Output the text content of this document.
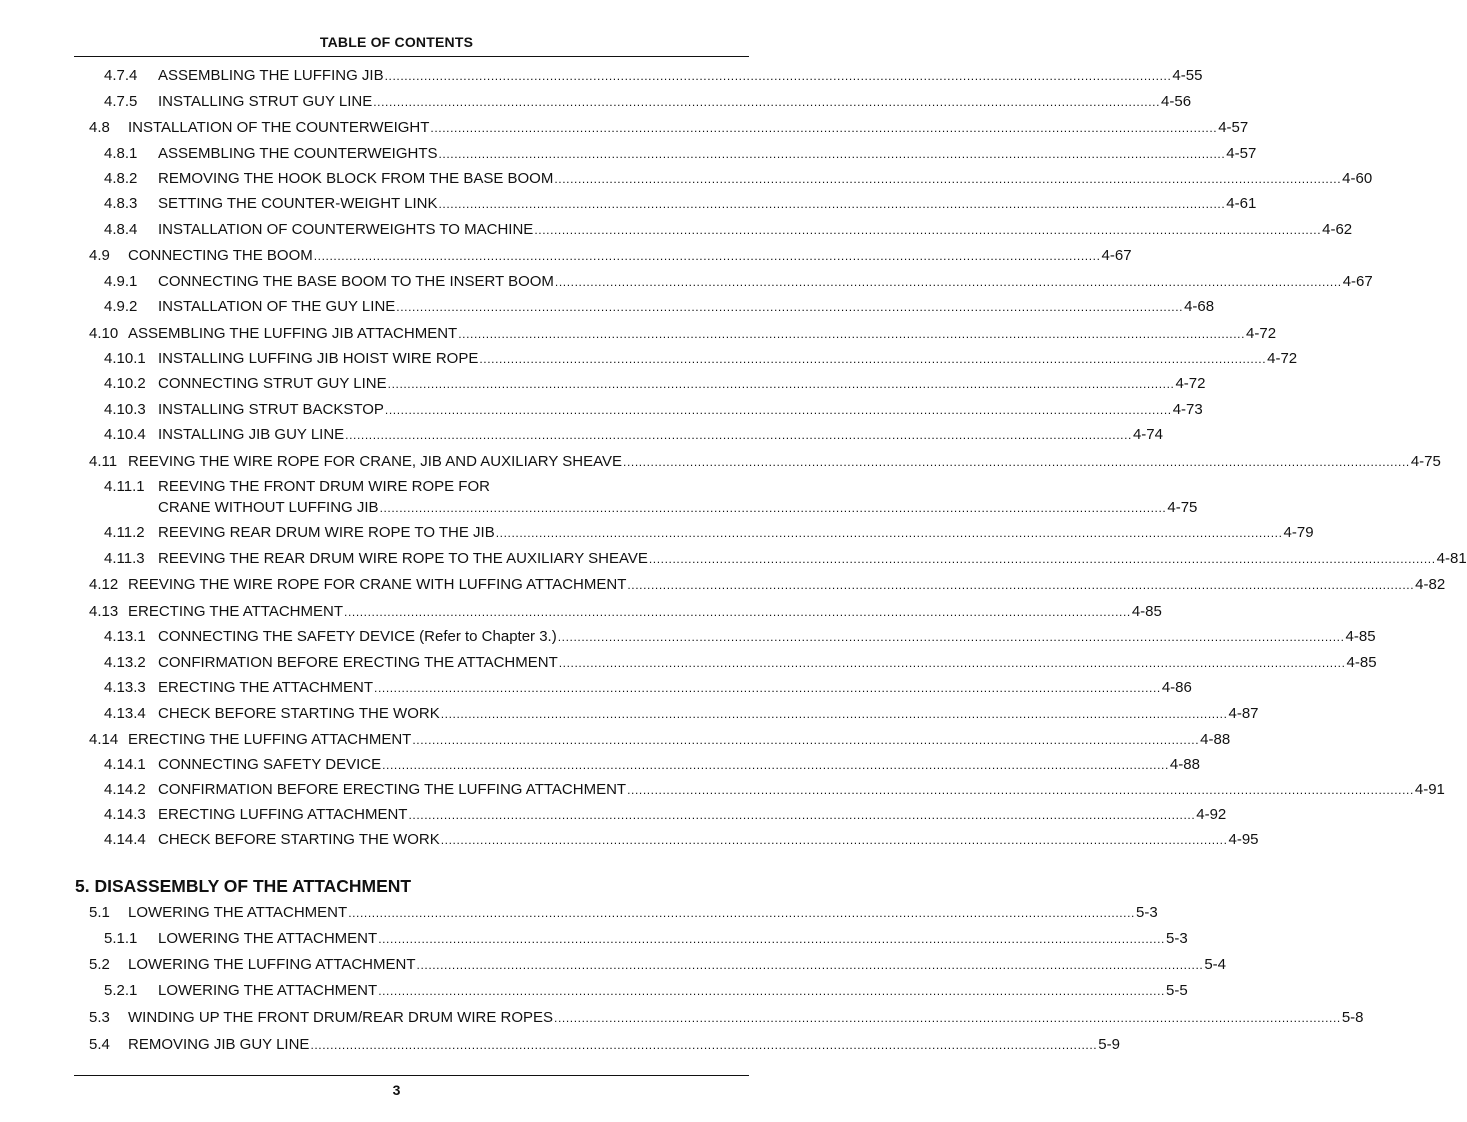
TABLE OF CONTENTS
4.7.4	ASSEMBLING THE LUFFING JIB ........................................................................................................................................................................................................ 4-55
4.7.5	INSTALLING STRUT GUY LINE ........................................................................................................................................................................................................ 4-56
4.8	INSTALLATION OF THE COUNTERWEIGHT ........................................................................................................................................................................................................ 4-57
4.8.1	ASSEMBLING THE COUNTERWEIGHTS ........................................................................................................................................................................................................ 4-57
4.8.2	REMOVING THE HOOK BLOCK FROM THE BASE BOOM ........................................................................................................................................................................................................ 4-60
4.8.3	SETTING THE COUNTER-WEIGHT LINK ........................................................................................................................................................................................................ 4-61
4.8.4	INSTALLATION OF COUNTERWEIGHTS TO MACHINE ........................................................................................................................................................................................................ 4-62
4.9	CONNECTING THE BOOM ........................................................................................................................................................................................................ 4-67
4.9.1	CONNECTING THE BASE BOOM TO THE INSERT BOOM ........................................................................................................................................................................................................ 4-67
4.9.2	INSTALLATION OF THE GUY LINE ........................................................................................................................................................................................................ 4-68
4.10 ASSEMBLING THE LUFFING JIB ATTACHMENT ........................................................................................................................................................................................................ 4-72
4.10.1 INSTALLING LUFFING JIB HOIST WIRE ROPE ........................................................................................................................................................................................................ 4-72
4.10.2 CONNECTING STRUT GUY LINE ........................................................................................................................................................................................................ 4-72
4.10.3 INSTALLING STRUT BACKSTOP ........................................................................................................................................................................................................ 4-73
4.10.4 INSTALLING JIB GUY LINE ........................................................................................................................................................................................................ 4-74
4.11 REEVING THE WIRE ROPE FOR CRANE, JIB AND AUXILIARY SHEAVE ........................................................................................................................................................................................................ 4-75
4.11.1 REEVING THE FRONT DRUM WIRE ROPE FOR
CRANE WITHOUT LUFFING JIB ........................................................................................................................................................................................................ 4-75
4.11.2 REEVING REAR DRUM WIRE ROPE TO THE JIB ........................................................................................................................................................................................................ 4-79
4.11.3 REEVING THE REAR DRUM WIRE ROPE TO THE AUXILIARY SHEAVE ........................................................................................................................................................................................................ 4-81
4.12 REEVING THE WIRE ROPE FOR CRANE WITH LUFFING ATTACHMENT ........................................................................................................................................................................................................ 4-82
4.13 ERECTING THE ATTACHMENT ........................................................................................................................................................................................................ 4-85
4.13.1 CONNECTING THE SAFETY DEVICE (Refer to Chapter 3.) ........................................................................................................................................................................................................ 4-85
4.13.2 CONFIRMATION BEFORE ERECTING THE ATTACHMENT ........................................................................................................................................................................................................ 4-85
4.13.3 ERECTING THE ATTACHMENT ........................................................................................................................................................................................................ 4-86
4.13.4 CHECK BEFORE STARTING THE WORK ........................................................................................................................................................................................................ 4-87
4.14 ERECTING THE LUFFING ATTACHMENT ........................................................................................................................................................................................................ 4-88
4.14.1 CONNECTING SAFETY DEVICE ........................................................................................................................................................................................................ 4-88
4.14.2 CONFIRMATION BEFORE ERECTING THE LUFFING ATTACHMENT ........................................................................................................................................................................................................ 4-91
4.14.3 ERECTING LUFFING ATTACHMENT ........................................................................................................................................................................................................ 4-92
4.14.4 CHECK BEFORE STARTING THE WORK ........................................................................................................................................................................................................ 4-95
5. DISASSEMBLY OF THE ATTACHMENT
5.1	LOWERING THE ATTACHMENT ........................................................................................................................................................................................................ 5-3
5.1.1	LOWERING THE ATTACHMENT ........................................................................................................................................................................................................ 5-3
5.2	LOWERING THE LUFFING ATTACHMENT ........................................................................................................................................................................................................ 5-4
5.2.1	LOWERING THE ATTACHMENT ........................................................................................................................................................................................................ 5-5
5.3	WINDING UP THE FRONT DRUM/REAR DRUM WIRE ROPES ........................................................................................................................................................................................................ 5-8
5.4	REMOVING JIB GUY LINE ........................................................................................................................................................................................................ 5-9
3
